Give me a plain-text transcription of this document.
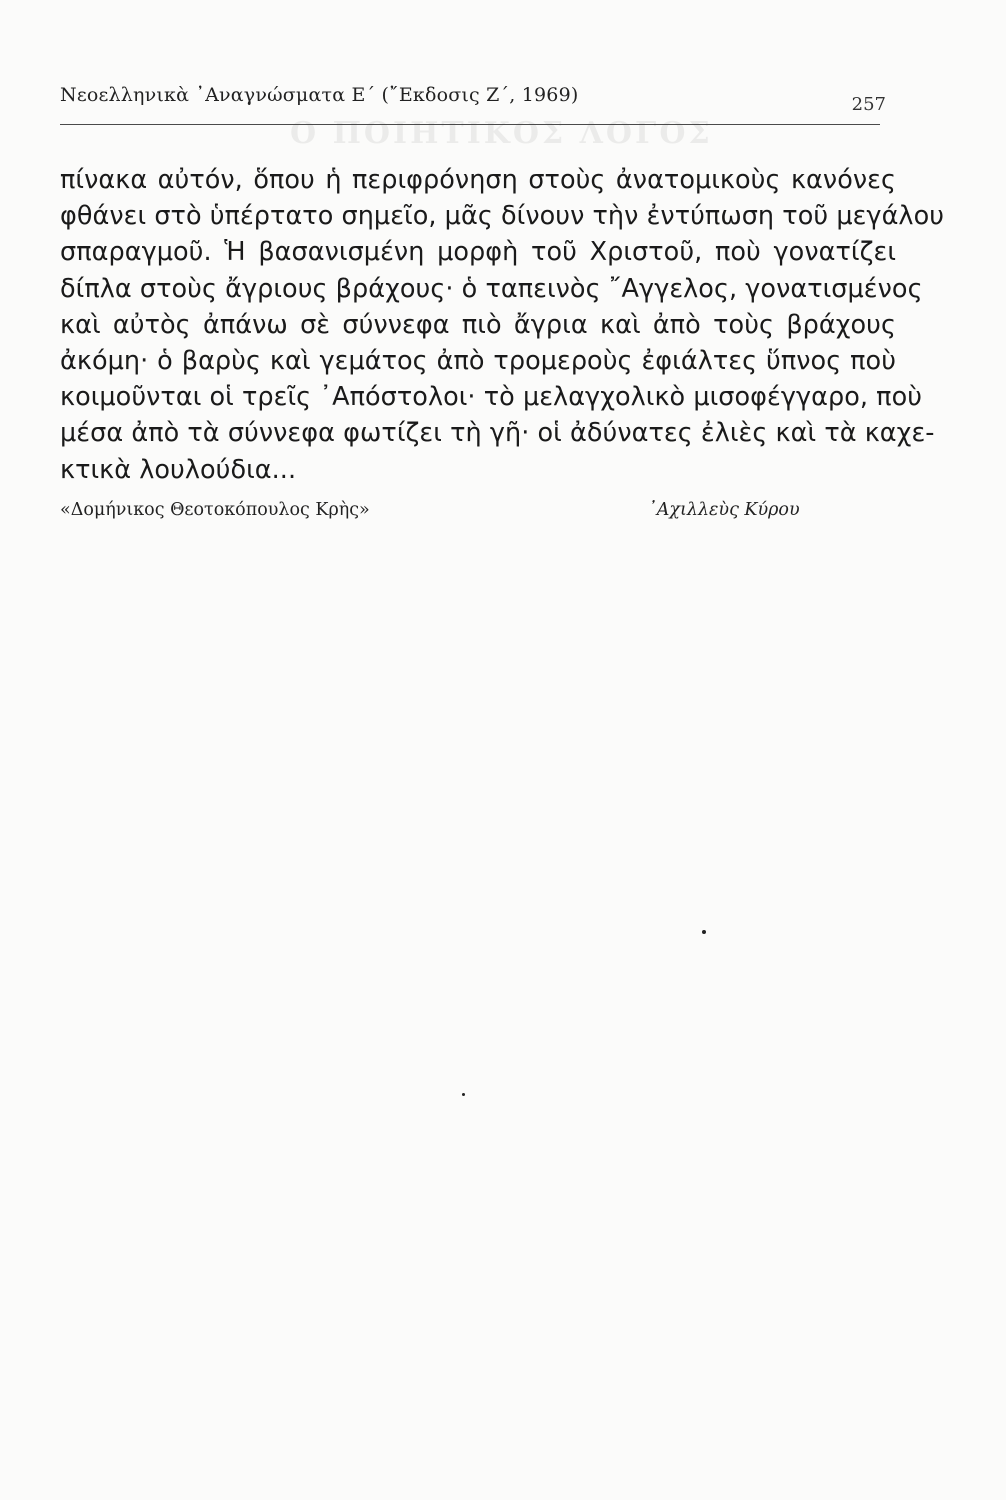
Ο ΠΟΙΗΤΙΚΟΣ ΛΟΓΟΣ
Νεοελληνικὰ ᾿Αναγνώσματα Ε΄ (῎Εκδοσις Ζ΄, 1969)	257
πίνακα αὐτόν, ὅπου ἡ περιφρόνηση στοὺς ἀνατομικοὺς κανόνες
φθάνει στὸ ὑπέρτατο σημεῖο, μᾶς δίνουν τὴν ἐντύπωση τοῦ μεγάλου
σπαραγμοῦ. Ἡ βασανισμένη μορφὴ τοῦ Χριστοῦ, ποὺ γονατίζει
δίπλα στοὺς ἄγριους βράχους· ὁ ταπεινὸς ῎Αγγελος, γονατισμένος
καὶ αὐτὸς ἀπάνω σὲ σύννεφα πιὸ ἄγρια καὶ ἀπὸ τοὺς βράχους
ἀκόμη· ὁ βαρὺς καὶ γεμάτος ἀπὸ τρομεροὺς ἐφιάλτες ὕπνος ποὺ
κοιμοῦνται οἱ τρεῖς ᾿Απόστολοι· τὸ μελαγχολικὸ μισοφέγγαρο, ποὺ
μέσα ἀπὸ τὰ σύννεφα φωτίζει τὴ γῆ· οἱ ἀδύνατες ἐλιὲς καὶ τὰ καχε-
κτικὰ λουλούδια...
«Δομήνικος Θεοτοκόπουλος Κρὴς»	᾿Αχιλλεὺς Κύρου
